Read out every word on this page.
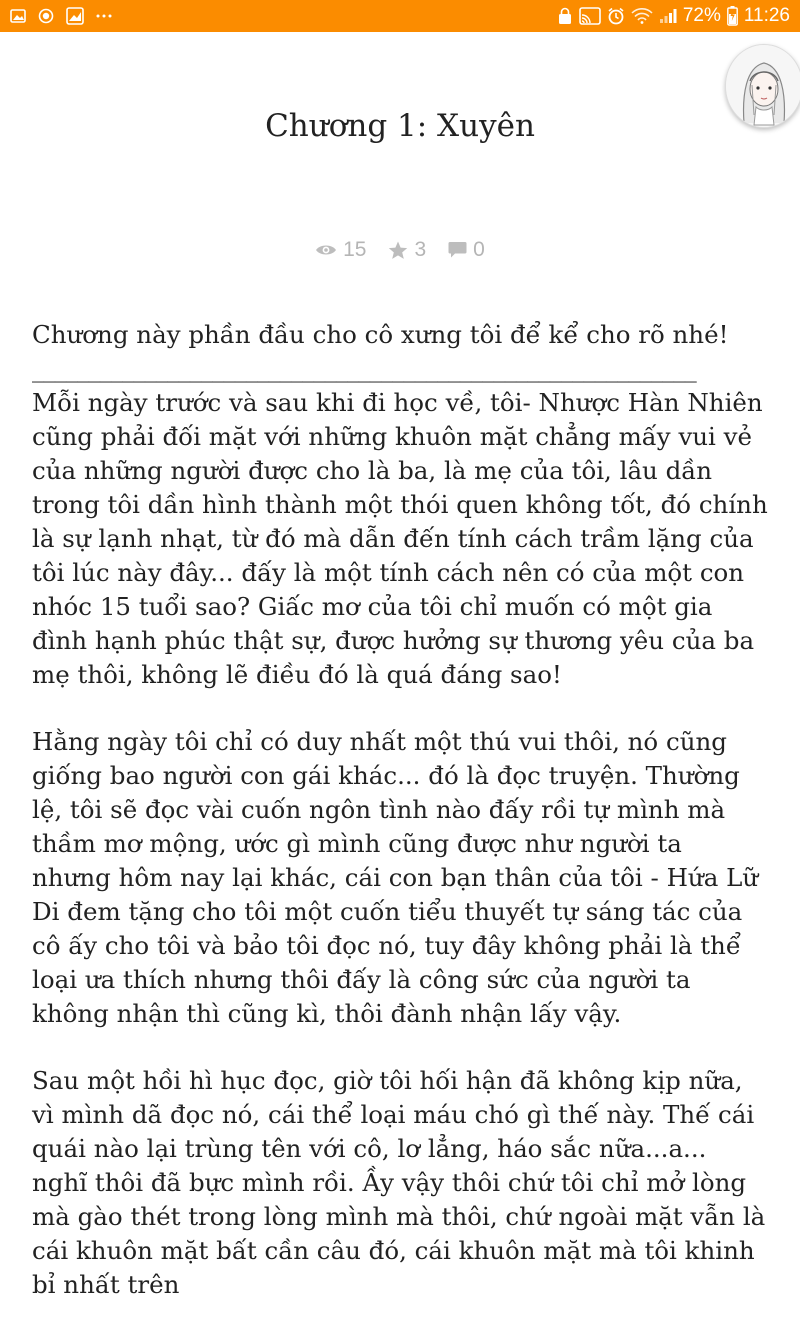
72% 11:26
Chương 1: Xuyên
15 3 0

Chương này phần đầu cho cô xưng tôi để kể cho rõ nhé!

___________________________________________________________

Mỗi ngày trước và sau khi đi học về, tôi- Nhược Hàn Nhiên cũng phải đối mặt với những khuôn mặt chẳng mấy vui vẻ của những người được cho là ba, là mẹ của tôi, lâu dần trong tôi dần hình thành một thói quen không tốt, đó chính là sự lạnh nhạt, từ đó mà dẫn đến tính cách trầm lặng của tôi lúc này đây... đấy là một tính cách nên có của một con nhóc 15 tuổi sao? Giấc mơ của tôi chỉ muốn có một gia đình hạnh phúc thật sự, được hưởng sự thương yêu của ba mẹ thôi, không lẽ điều đó là quá đáng sao!

Hằng ngày tôi chỉ có duy nhất một thú vui thôi, nó cũng giống bao người con gái khác... đó là đọc truyện. Thường lệ, tôi sẽ đọc vài cuốn ngôn tình nào đấy rồi tự mình mà thầm mơ mộng, ước gì mình cũng được như người ta nhưng hôm nay lại khác, cái con bạn thân của tôi - Hứa Lữ Di đem tặng cho tôi một cuốn tiểu thuyết tự sáng tác của cô ấy cho tôi và bảo tôi đọc nó, tuy đây không phải là thể loại ưa thích nhưng thôi đấy là công sức của người ta không nhận thì cũng kì, thôi đành nhận lấy vậy.

Sau một hồi hì hục đọc, giờ tôi hối hận đã không kịp nữa, vì mình dã đọc nó, cái thể loại máu chó gì thế này. Thế cái quái nào lại trùng tên với cô, lơ lẳng, háo sắc nữa...a... nghĩ thôi đã bực mình rồi. Ầy vậy thôi chứ tôi chỉ mở lòng mà gào thét trong lòng mình mà thôi, chứ ngoài mặt vẫn là cái khuôn mặt bất cần câu đó, cái khuôn mặt mà tôi khinh bỉ nhất trên
